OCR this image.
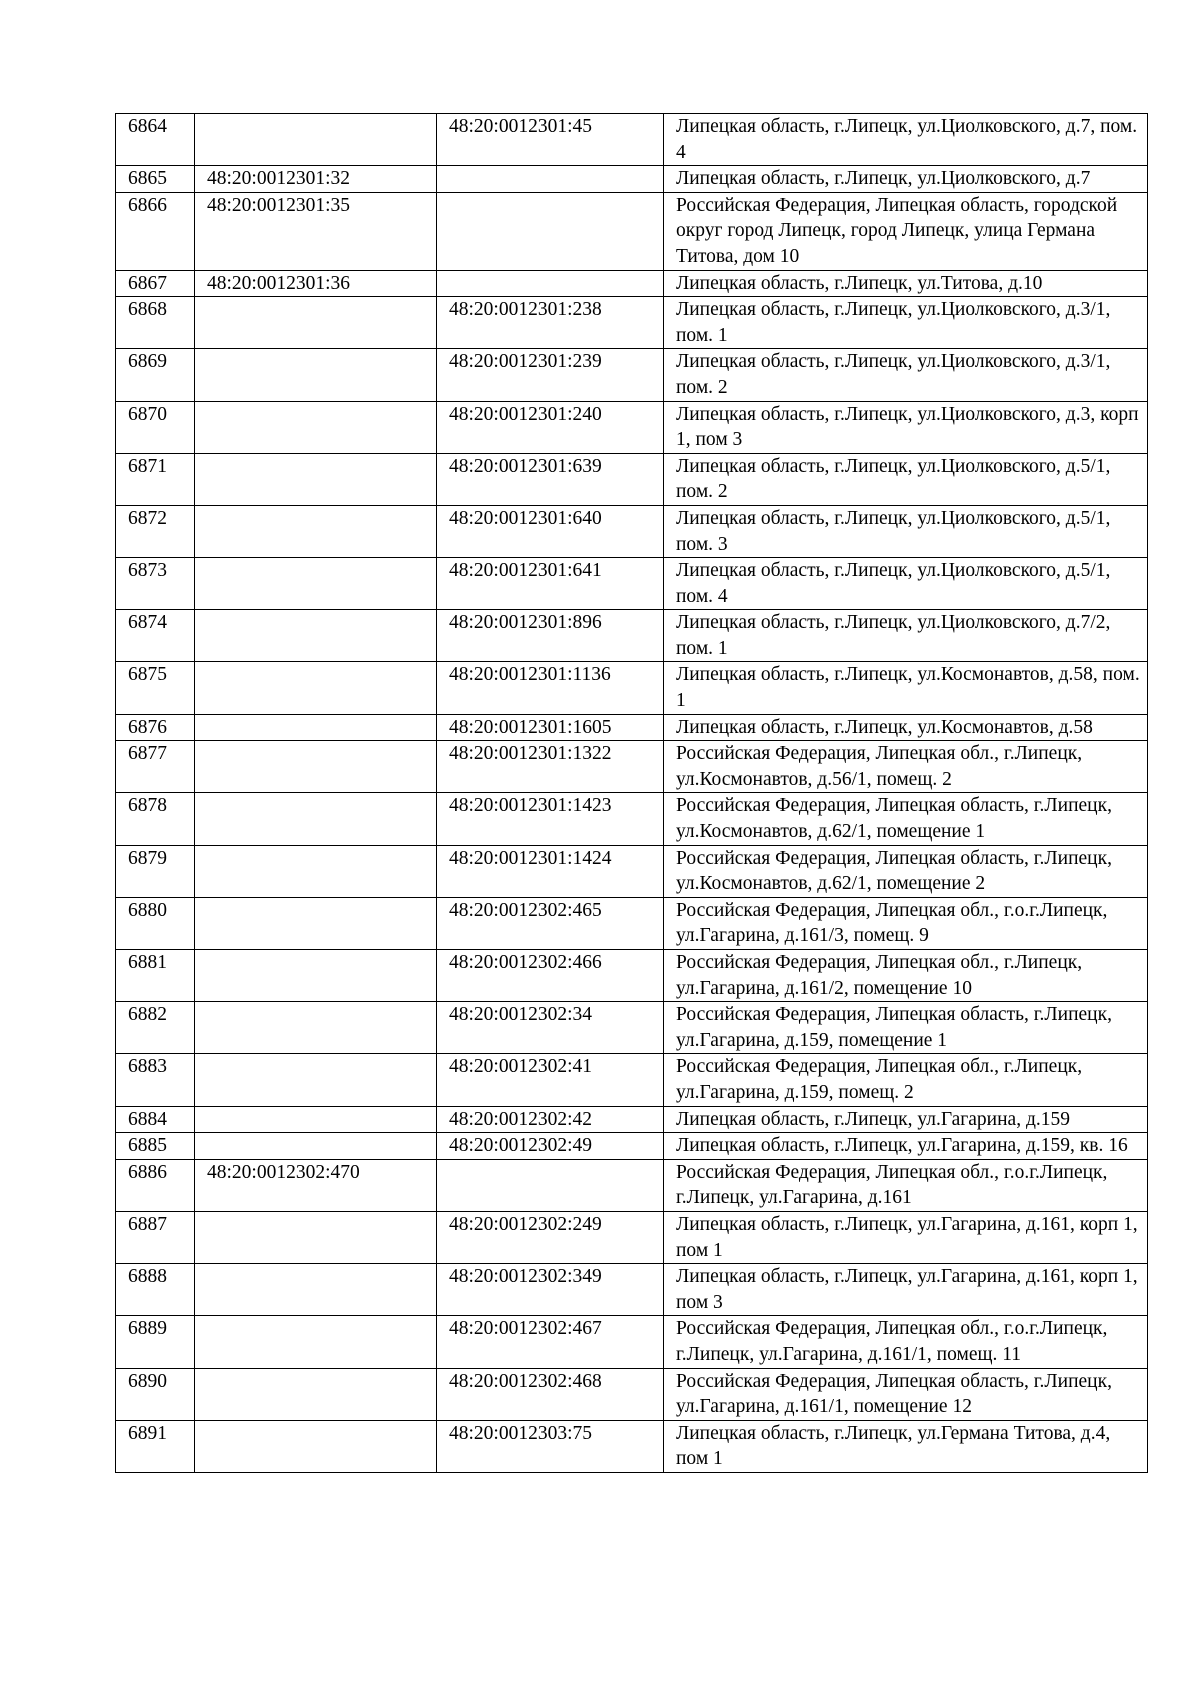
6864		48:20:0012301:45	Липецкая область, г.Липецк, ул.Циолковского, д.7, пом. 4
6865	48:20:0012301:32		Липецкая область, г.Липецк, ул.Циолковского, д.7
6866	48:20:0012301:35		Российская Федерация, Липецкая область, городской округ город Липецк, город Липецк, улица Германа Титова, дом 10
6867	48:20:0012301:36		Липецкая область, г.Липецк, ул.Титова, д.10
6868		48:20:0012301:238	Липецкая область, г.Липецк, ул.Циолковского, д.3/1, пом. 1
6869		48:20:0012301:239	Липецкая область, г.Липецк, ул.Циолковского, д.3/1, пом. 2
6870		48:20:0012301:240	Липецкая область, г.Липецк, ул.Циолковского, д.3, корп 1, пом 3
6871		48:20:0012301:639	Липецкая область, г.Липецк, ул.Циолковского, д.5/1, пом. 2
6872		48:20:0012301:640	Липецкая область, г.Липецк, ул.Циолковского, д.5/1, пом. 3
6873		48:20:0012301:641	Липецкая область, г.Липецк, ул.Циолковского, д.5/1, пом. 4
6874		48:20:0012301:896	Липецкая область, г.Липецк, ул.Циолковского, д.7/2, пом. 1
6875		48:20:0012301:1136	Липецкая область, г.Липецк, ул.Космонавтов, д.58, пом. 1
6876		48:20:0012301:1605	Липецкая область, г.Липецк, ул.Космонавтов, д.58
6877		48:20:0012301:1322	Российская Федерация, Липецкая обл., г.Липецк, ул.Космонавтов, д.56/1, помещ. 2
6878		48:20:0012301:1423	Российская Федерация, Липецкая область, г.Липецк, ул.Космонавтов, д.62/1, помещение 1
6879		48:20:0012301:1424	Российская Федерация, Липецкая область, г.Липецк, ул.Космонавтов, д.62/1, помещение 2
6880		48:20:0012302:465	Российская Федерация, Липецкая обл., г.о.г.Липецк, ул.Гагарина, д.161/3, помещ. 9
6881		48:20:0012302:466	Российская Федерация, Липецкая обл., г.Липецк, ул.Гагарина, д.161/2, помещение 10
6882		48:20:0012302:34	Российская Федерация, Липецкая область, г.Липецк, ул.Гагарина, д.159, помещение 1
6883		48:20:0012302:41	Российская Федерация, Липецкая обл., г.Липецк, ул.Гагарина, д.159, помещ. 2
6884		48:20:0012302:42	Липецкая область, г.Липецк, ул.Гагарина, д.159
6885		48:20:0012302:49	Липецкая область, г.Липецк, ул.Гагарина, д.159, кв. 16
6886	48:20:0012302:470		Российская Федерация, Липецкая обл., г.о.г.Липецк, г.Липецк, ул.Гагарина, д.161
6887		48:20:0012302:249	Липецкая область, г.Липецк, ул.Гагарина, д.161, корп 1, пом 1
6888		48:20:0012302:349	Липецкая область, г.Липецк, ул.Гагарина, д.161, корп 1, пом 3
6889		48:20:0012302:467	Российская Федерация, Липецкая обл., г.о.г.Липецк, г.Липецк, ул.Гагарина, д.161/1, помещ. 11
6890		48:20:0012302:468	Российская Федерация, Липецкая область, г.Липецк, ул.Гагарина, д.161/1, помещение 12
6891		48:20:0012303:75	Липецкая область, г.Липецк, ул.Германа Титова, д.4, пом 1
